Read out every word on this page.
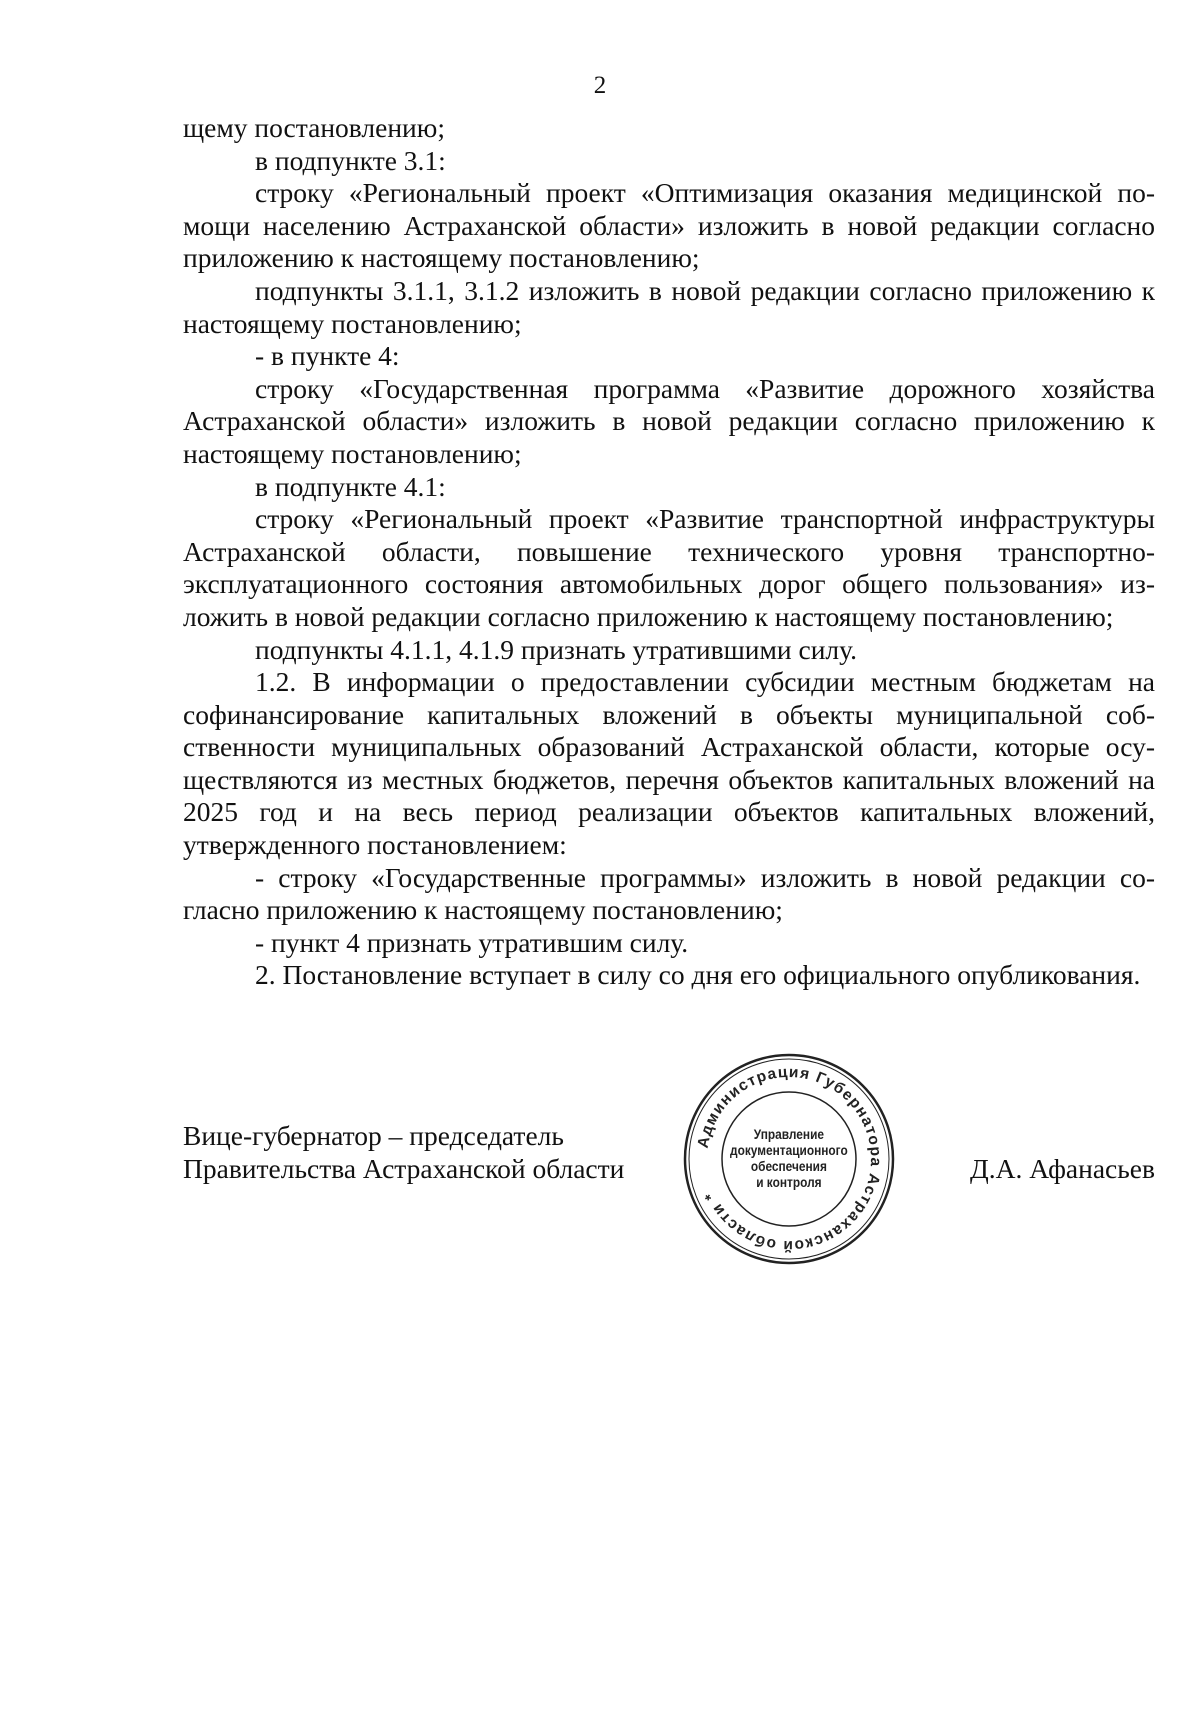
2

щему постановлению;

в подпункте 3.1:

строку «Региональный проект «Оптимизация оказания медицинской помощи населению Астраханской области» изложить в новой редакции согласно приложению к настоящему постановлению;

подпункты 3.1.1, 3.1.2 изложить в новой редакции согласно приложению к настоящему постановлению;

- в пункте 4:

строку «Государственная программа «Развитие дорожного хозяйства Астраханской области» изложить в новой редакции согласно приложению к настоящему постановлению;

в подпункте 4.1:

строку «Региональный проект «Развитие транспортной инфраструктуры Астраханской области, повышение технического уровня транспортно-эксплуатационного состояния автомобильных дорог общего пользования» изложить в новой редакции согласно приложению к настоящему постановлению;

подпункты 4.1.1, 4.1.9 признать утратившими силу.

1.2. В информации о предоставлении субсидии местным бюджетам на софинансирование капитальных вложений в объекты муниципальной собственности муниципальных образований Астраханской области, которые осуществляются из местных бюджетов, перечня объектов капитальных вложений на 2025 год и на весь период реализации объектов капитальных вложений, утвержденного постановлением:

- строку «Государственные программы» изложить в новой редакции согласно приложению к настоящему постановлению;

- пункт 4 признать утратившим силу.

2. Постановление вступает в силу со дня его официального опубликования.

Вице-губернатор – председатель
Правительства Астраханской области
Администрация Губернатора Астраханской области *
Управление
документационного
обеспечения
и контроля	Д.А. Афанасьев
